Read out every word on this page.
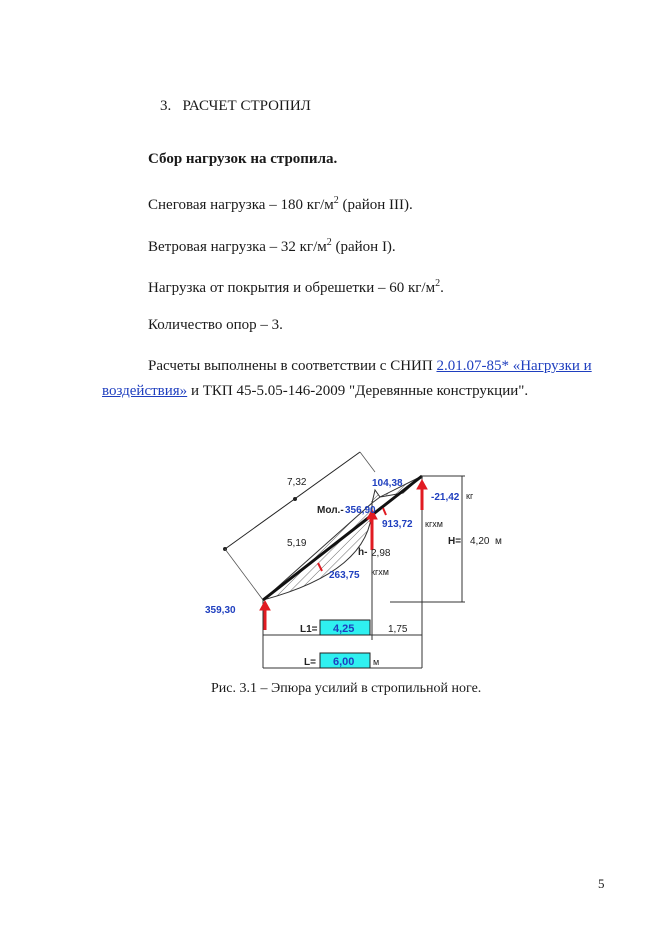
3. РАСЧЕТ СТРОПИЛ
Сбор нагрузок на стропила.
Снеговая нагрузка – 180 $кг/м^2$ (район III).
Ветровая нагрузка – 32 $кг/м^2$ (район I).
Нагрузка от покрытия и обрешетки – 60 $кг/м^2$.
Количество опор – 3.
Расчеты выполнены в соответствии с СНИП 2.01.07-85* «Нагрузки и
воздействия» и ТКП 45-5.05-146-2009 "Деревянные конструкции".
7,32
5,19
104,38
-21,42 кг
Мол.- 356,90
913,72 кгхм
h- 2,98
кгхм
H= 4,20 м
263,75
359,30
L1= 4,25	1,75
L= 6,00 м
Рис. 3.1 – Эпюра усилий в стропильной ноге.
5
